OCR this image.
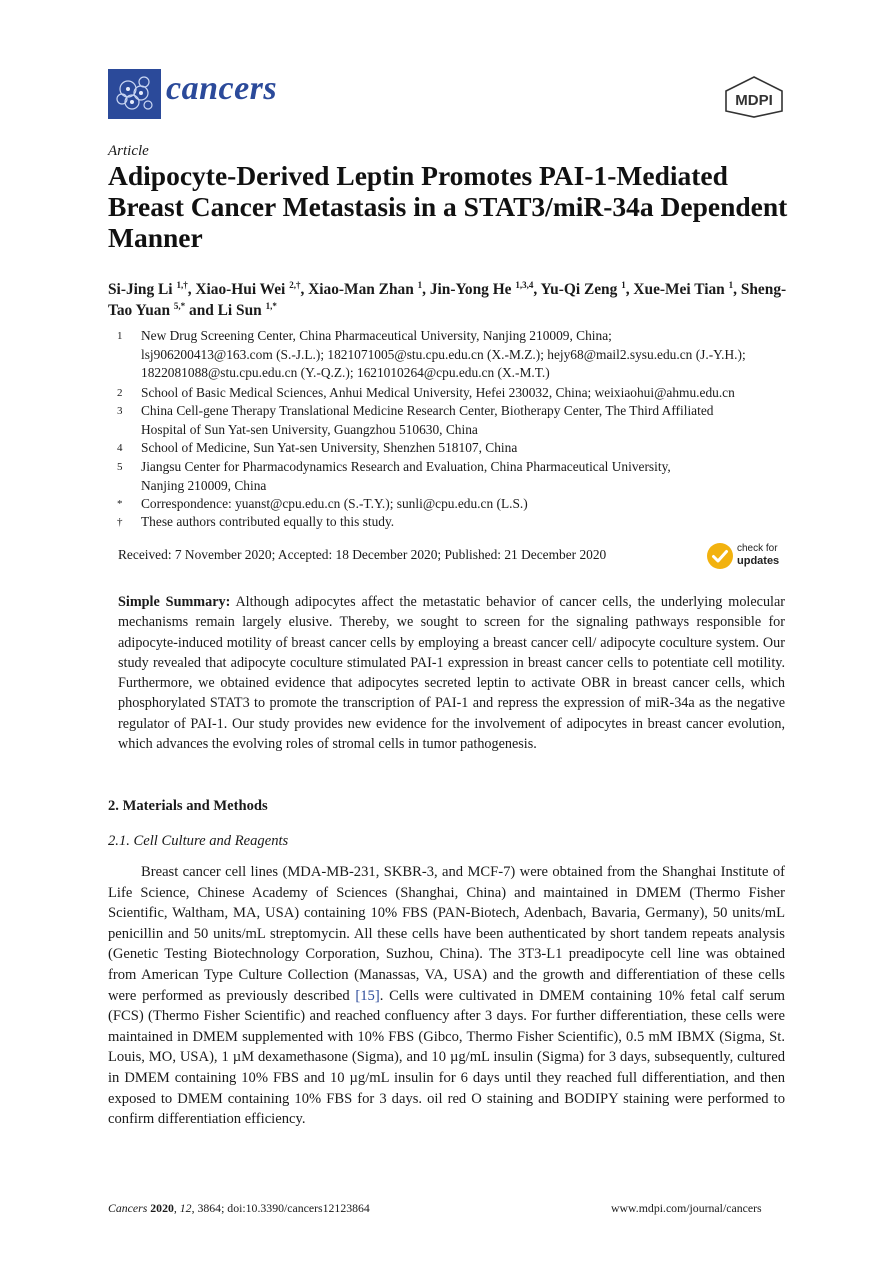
cancers	MDPI
Article
Adipocyte-Derived Leptin Promotes PAI-1-Mediated Breast Cancer Metastasis in a STAT3/miR-34a Dependent Manner
Si-Jing Li $^{1,\dagger}$, Xiao-Hui Wei $^{2,\dagger}$, Xiao-Man Zhan $^1$, Jin-Yong He $^{1,3,4}$, Yu-Qi Zeng $^1$, Xue-Mei Tian $^1$, Sheng-Tao Yuan $^{5,*}$ and Li Sun $^{1,*}$
1 New Drug Screening Center, China Pharmaceutical University, Nanjing 210009, China;
lsj906200413@163.com (S.-J.L.); 1821071005@stu.cpu.edu.cn (X.-M.Z.); hejy68@mail2.sysu.edu.cn (J.-Y.H.);
1822081088@stu.cpu.edu.cn (Y.-Q.Z.); 1621010264@cpu.edu.cn (X.-M.T.)
2 School of Basic Medical Sciences, Anhui Medical University, Hefei 230032, China; weixiaohui@ahmu.edu.cn
3 China Cell-gene Therapy Translational Medicine Research Center, Biotherapy Center, The Third Affiliated
Hospital of Sun Yat-sen University, Guangzhou 510630, China
4 School of Medicine, Sun Yat-sen University, Shenzhen 518107, China
5 Jiangsu Center for Pharmacodynamics Research and Evaluation, China Pharmaceutical University,
Nanjing 210009, China
* Correspondence: yuanst@cpu.edu.cn (S.-T.Y.); sunli@cpu.edu.cn (L.S.)
† These authors contributed equally to this study.
Received: 7 November 2020; Accepted: 18 December 2020; Published: 21 December 2020	check for
updates
Simple Summary: Although adipocytes affect the metastatic behavior of cancer cells, the underlying molecular mechanisms remain largely elusive. Thereby, we sought to screen for the signaling pathways responsible for adipocyte-induced motility of breast cancer cells by employing a breast cancer cell/ adipocyte coculture system. Our study revealed that adipocyte coculture stimulated PAI-1 expression in breast cancer cells to potentiate cell motility. Furthermore, we obtained evidence that adipocytes secreted leptin to activate OBR in breast cancer cells, which phosphorylated STAT3 to promote the transcription of PAI-1 and repress the expression of miR-34a as the negative regulator of PAI-1. Our study provides new evidence for the involvement of adipocytes in breast cancer evolution, which advances the evolving roles of stromal cells in tumor pathogenesis.
2. Materials and Methods
2.1. Cell Culture and Reagents
Breast cancer cell lines (MDA-MB-231, SKBR-3, and MCF-7) were obtained from the Shanghai Institute of Life Science, Chinese Academy of Sciences (Shanghai, China) and maintained in DMEM (Thermo Fisher Scientific, Waltham, MA, USA) containing 10% FBS (PAN-Biotech, Adenbach, Bavaria, Germany), 50 units/mL penicillin and 50 units/mL streptomycin. All these cells have been authenticated by short tandem repeats analysis (Genetic Testing Biotechnology Corporation, Suzhou, China). The 3T3-L1 preadipocyte cell line was obtained from American Type Culture Collection (Manassas, VA, USA) and the growth and differentiation of these cells were performed as previously described [15]. Cells were cultivated in DMEM containing 10% fetal calf serum (FCS) (Thermo Fisher Scientific) and reached confluency after 3 days. For further differentiation, these cells were maintained in DMEM supplemented with 10% FBS (Gibco, Thermo Fisher Scientific), 0.5 mM IBMX (Sigma, St. Louis, MO, USA), 1 µM dexamethasone (Sigma), and 10 µg/mL insulin (Sigma) for 3 days, subsequently, cultured in DMEM containing 10% FBS and 10 µg/mL insulin for 6 days until they reached full differentiation, and then exposed to DMEM containing 10% FBS for 3 days. oil red O staining and BODIPY staining were performed to confirm differentiation efficiency.
Cancers 2020, 12, 3864; doi:10.3390/cancers12123864	www.mdpi.com/journal/cancers
